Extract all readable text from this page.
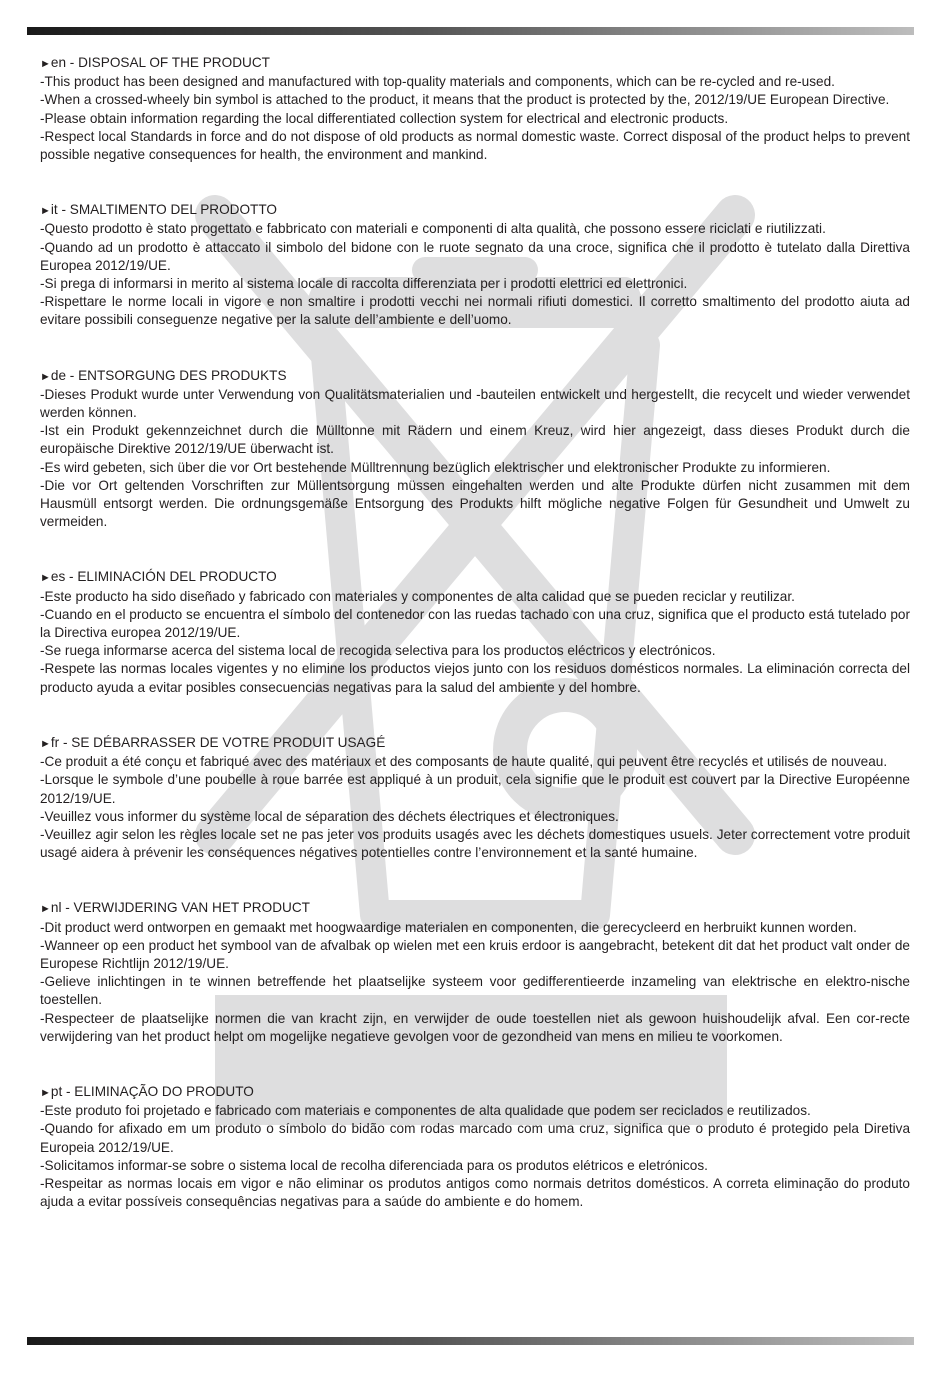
►en - DISPOSAL OF THE PRODUCT

-This product has been designed and manufactured with top-quality materials and components, which can be re-cycled and re-used.

-When a crossed-wheely bin symbol is attached to the product, it means that the product is protected by the, 2012/19/UE European Directive.

-Please obtain information regarding the local differentiated collection system for electrical and electronic products.

-Respect local Standards in force and do not dispose of old products as normal domestic waste. Correct disposal of the product helps to prevent possible negative consequences for health, the environment and mankind.

►it - SMALTIMENTO DEL PRODOTTO

-Questo prodotto è stato progettato e fabbricato con materiali e componenti di alta qualità, che possono essere riciclati e riutilizzati.

-Quando ad un prodotto è attaccato il simbolo del bidone con le ruote segnato da una croce, significa che il prodotto è tutelato dalla Direttiva Europea 2012/19/UE.

-Si prega di informarsi in merito al sistema locale di raccolta differenziata per i prodotti elettrici ed elettronici.

-Rispettare le norme locali in vigore e non smaltire i prodotti vecchi nei normali rifiuti domestici. Il corretto smaltimento del prodotto aiuta ad evitare possibili conseguenze negative per la salute dell’ambiente e dell’uomo.

►de - ENTSORGUNG DES PRODUKTS

-Dieses Produkt wurde unter Verwendung von Qualitätsmaterialien und -bauteilen entwickelt und hergestellt, die recycelt und wieder verwendet werden können.

-Ist ein Produkt gekennzeichnet durch die Mülltonne mit Rädern und einem Kreuz, wird hier angezeigt, dass dieses Produkt durch die europäische Direktive 2012/19/UE überwacht ist.

-Es wird gebeten, sich über die vor Ort bestehende Mülltrennung bezüglich elektrischer und elektronischer Produkte zu informieren.

-Die vor Ort geltenden Vorschriften zur Müllentsorgung müssen eingehalten werden und alte Produkte dürfen nicht zusammen mit dem Hausmüll entsorgt werden. Die ordnungsgemäße Entsorgung des Produkts hilft mögliche negative Folgen für Gesundheit und Umwelt zu vermeiden.

►es - ELIMINACIÓN DEL PRODUCTO

-Este producto ha sido diseñado y fabricado con materiales y componentes de alta calidad que se pueden reciclar y reutilizar.

-Cuando en el producto se encuentra el símbolo del contenedor con las ruedas tachado con una cruz, significa que el producto está tutelado por la Directiva europea 2012/19/UE.

-Se ruega informarse acerca del sistema local de recogida selectiva para los productos eléctricos y electrónicos.

-Respete las normas locales vigentes y no elimine los productos viejos junto con los residuos domésticos normales. La eliminación correcta del producto ayuda a evitar posibles consecuencias negativas para la salud del ambiente y del hombre.

►fr - SE DÉBARRASSER DE VOTRE PRODUIT USAGÉ

-Ce produit a été conçu et fabriqué avec des matériaux et des composants de haute qualité, qui peuvent être recyclés et utilisés de nouveau.

-Lorsque le symbole d’une poubelle à roue barrée est appliqué à un produit, cela signifie que le produit est couvert par la Directive Européenne 2012/19/UE.

-Veuillez vous informer du système local de séparation des déchets électriques et électroniques.

-Veuillez agir selon les règles locale set ne pas jeter vos produits usagés avec les déchets domestiques usuels. Jeter correctement votre produit usagé aidera à prévenir les conséquences négatives potentielles contre l’environnement et la santé humaine.

►nl - VERWIJDERING VAN HET PRODUCT

-Dit product werd ontworpen en gemaakt met hoogwaardige materialen en componenten, die gerecycleerd en herbruikt kunnen worden.

-Wanneer op een product het symbool van de afvalbak op wielen met een kruis erdoor is aangebracht, betekent dit dat het product valt onder de Europese Richtlijn 2012/19/UE.

-Gelieve inlichtingen in te winnen betreffende het plaatselijke systeem voor gedifferentieerde inzameling van elektrische en elektro-nische toestellen.

-Respecteer de plaatselijke normen die van kracht zijn, en verwijder de oude toestellen niet als gewoon huishoudelijk afval. Een cor-recte verwijdering van het product helpt om mogelijke negatieve gevolgen voor de gezondheid van mens en milieu te voorkomen.

►pt - ELIMINAÇÃO DO PRODUTO

-Este produto foi projetado e fabricado com materiais e componentes de alta qualidade que podem ser reciclados e reutilizados.

-Quando for afixado em um produto o símbolo do bidão com rodas marcado com uma cruz, significa que o produto é protegido pela Diretiva Europeia 2012/19/UE.

-Solicitamos informar-se sobre o sistema local de recolha diferenciada para os produtos elétricos e eletrónicos.

-Respeitar as normas locais em vigor e não eliminar os produtos antigos como normais detritos domésticos. A correta eliminação do produto ajuda a evitar possíveis consequências negativas para a saúde do ambiente e do homem.
